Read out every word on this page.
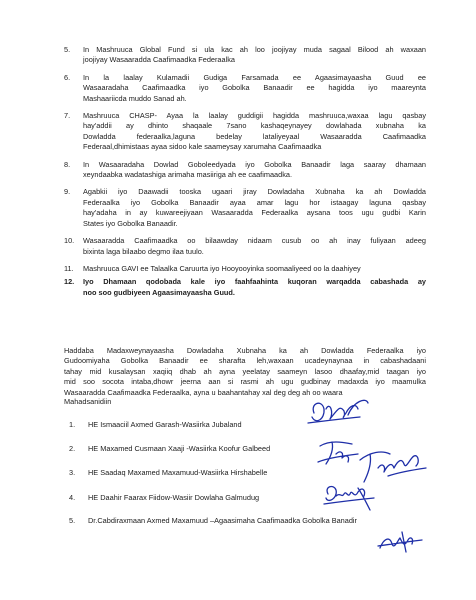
5. In Mashruuca Global Fund si ula kac ah loo joojiyay muda sagaal Bilood ah waxaan
joojiyay Wasaaradda Caafimaadka Federaalka
6. In la laalay Kulamadii Gudiga Farsamada ee Agaasimayaasha Guud ee
Wasaaradaha Caafimaadka iyo Gobolka Banaadir ee hagidda iyo maareynta
Mashaariicda muddo Sanad ah.
7. Mashruuca CHASP- Ayaa la laalay guddigii hagidda mashruuca,waxaa lagu qasbay
hay'addii ay dhinto shaqaale 7sano kashaqeynayey dowlahada xubnaha ka
Dowladda federaalka,laguna bedelay lataliyeyaal Wasaaradda Caafimaadka
Federaal,dhimistaas ayaa sidoo kale saameysay xarumaha Caafimaadka
8. In Wasaaradaha Dowlad Goboleedyada iyo Gobolka Banaadir laga saaray dhamaan
xeyndaabka wadatashiga arimaha masiiriga ah ee caafimaadka.
9. Agabkii iyo Daawadii tooska ugaari jiray Dowladaha Xubnaha ka ah Dowladda
Federaalka iyo Gobolka Banaadir ayaa amar lagu hor istaagay laguna qasbay
hay'adaha in ay kuwareejiyaan Wasaaradda Federaalka aysana toos ugu gudbi Karin
States iyo Gobolka Banaadir.
10. Wasaaradda Caafimaadka oo bilaawday nidaam cusub oo ah inay fuliyaan adeeg
bixinta laga bilaabo degmo ilaa tuulo.
11. Mashruuca GAVI ee Talaalka Caruurta iyo Hooyooyinka soomaaliyeed oo la daahiyey
12. Iyo Dhamaan qodobada kale iyo faahfaahinta kuqoran warqadda cabashada ay
noo soo gudbiyeen Agaasimayaasha Guud.
Haddaba Madaxweynayaasha Dowladaha Xubnaha ka ah Dowladda Federaalka iyo
Gudoomiyaha Gobolka Banaadir ee sharafta leh,waxaan ucadeynaynaa in cabashadaani
tahay mid kusalaysan xaqiiq dhab ah ayna yeelatay saameyn lasoo dhaafay,mid taagan iyo
mid soo socota intaba,dhowr jeerna aan si rasmi ah ugu gudbinay madaxda iyo maamulka
Wasaaradda Caafimaadka Federaalka, ayna u baahantahay xal deg deg ah oo waara
Mahadsanidiin
1. HE Ismaaciil Axmed Garash-Wasiirka Jubaland
2. HE Maxamed Cusmaan Xaaji -Wasiirka Koofur Galbeed
3. HE Saadaq Maxamed Maxamuud-Wasiirka Hirshabelle
4. HE Daahir Faarax Fiidow-Wasiir Dowlaha Galmudug
5. Dr.Cabdiraxmaan Axmed Maxamuud –Agaasimaha Caafimaadka Gobolka Banadir
